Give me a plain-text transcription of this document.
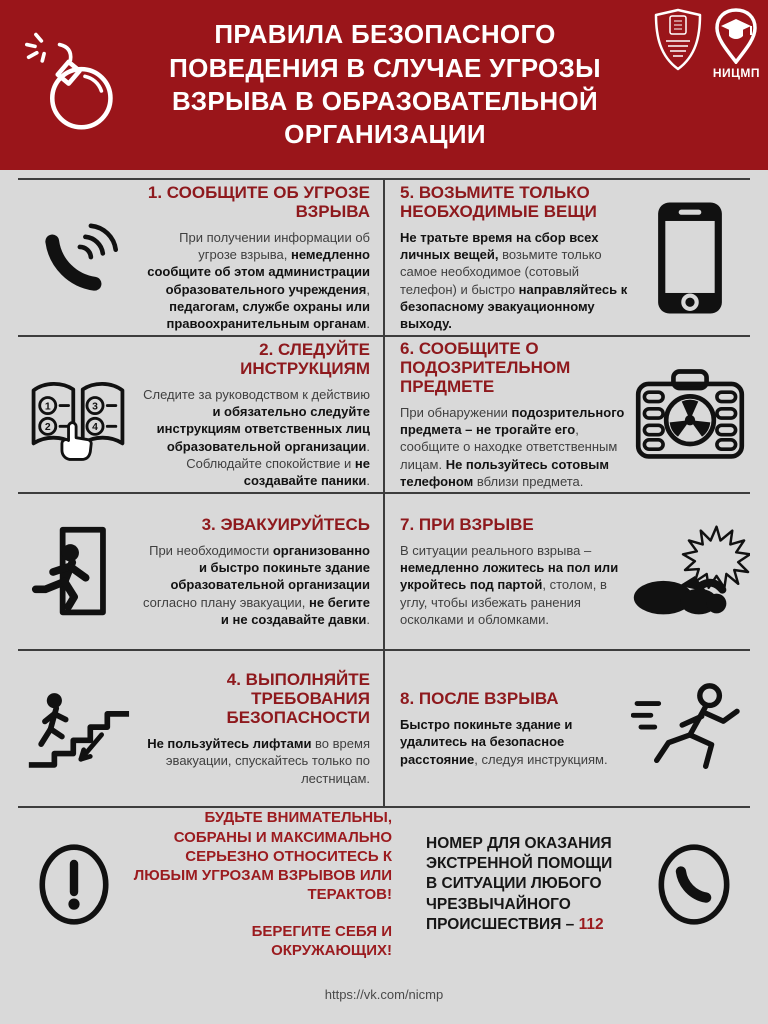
ПРАВИЛА БЕЗОПАСНОГО ПОВЕДЕНИЯ В СЛУЧАЕ УГРОЗЫ ВЗРЫВА В ОБРАЗОВАТЕЛЬНОЙ ОРГАНИЗАЦИИ
НИЦМП
1. СООБЩИТЕ ОБ УГРОЗЕ ВЗРЫВА

При получении информации об угрозе взрыва, немедленно сообщите об этом администрации образовательного учреждения, педагогам, службе охраны или правоохранительным органам.

5. ВОЗЬМИТЕ ТОЛЬКО НЕОБХОДИМЫЕ ВЕЩИ

Не тратьте время на сбор всех личных вещей, возьмите только самое необходимое (сотовый телефон) и быстро направляйтесь к безопасному эвакуационному выходу.

1
2
3
4
2. СЛЕДУЙТЕ ИНСТРУКЦИЯМ

Следите за руководством к действию и обязательно следуйте инструкциям ответственных лиц образовательной организации. Соблюдайте спокойствие и не создавайте паники.

6. СООБЩИТЕ О ПОДОЗРИТЕЛЬНОМ ПРЕДМЕТЕ

При обнаружении подозрительного предмета – не трогайте его, сообщите о находке ответственным лицам. Не пользуйтесь сотовым телефоном вблизи предмета.

3. ЭВАКУИРУЙТЕСЬ

При необходимости организованно и быстро покиньте здание образовательной организации согласно плану эвакуации, не бегите и не создавайте давки.

7. ПРИ ВЗРЫВЕ

В ситуации реального взрыва – немедленно ложитесь на пол или укройтесь под партой, столом, в углу, чтобы избежать ранения осколками и обломками.

4. ВЫПОЛНЯЙТЕ ТРЕБОВАНИЯ БЕЗОПАСНОСТИ

Не пользуйтесь лифтами во время эвакуации, спускайтесь только по лестницам.

8. ПОСЛЕ ВЗРЫВА

Быстро покиньте здание и удалитесь на безопасное расстояние, следуя инструкциям.

БУДЬТЕ ВНИМАТЕЛЬНЫ, СОБРАНЫ И МАКСИМАЛЬНО СЕРЬЕЗНО ОТНОСИТЕСЬ К ЛЮБЫМ УГРОЗАМ ВЗРЫВОВ ИЛИ ТЕРАКТОВ!

БЕРЕГИТЕ СЕБЯ И ОКРУЖАЮЩИХ!

НОМЕР ДЛЯ ОКАЗАНИЯ ЭКСТРЕННОЙ ПОМОЩИ В СИТУАЦИИ ЛЮБОГО ЧРЕЗВЫЧАЙНОГО ПРОИСШЕСТВИЯ – 112
https://vk.com/nicmp
